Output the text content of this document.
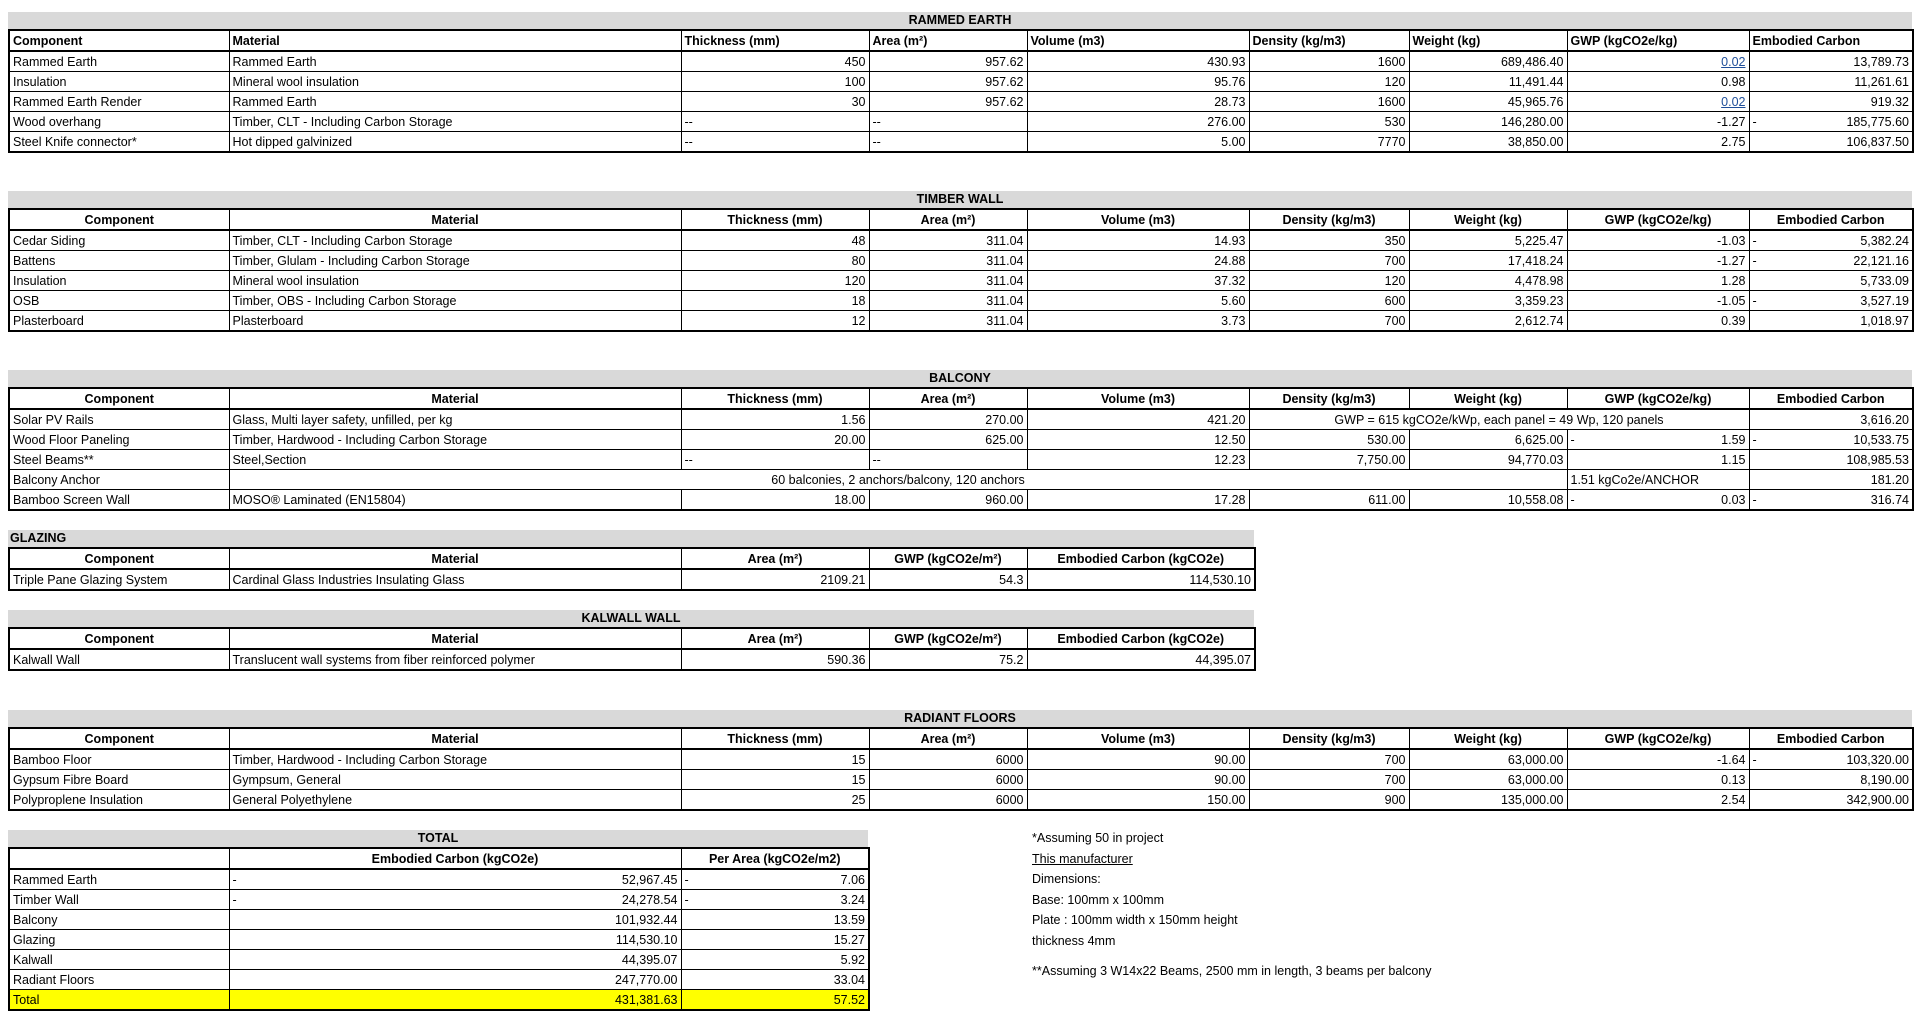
RAMMED EARTH
Component	Material	Thickness (mm)	Area (m²)	Volume (m3)	Density (kg/m3)	Weight (kg)	GWP (kgCO2e/kg)	Embodied Carbon
Rammed Earth	Rammed Earth	450	957.62	430.93	1600	689,486.40	0.02	13,789.73
Insulation	Mineral wool insulation	100	957.62	95.76	120	11,491.44	0.98	11,261.61
Rammed Earth Render	Rammed Earth	30	957.62	28.73	1600	45,965.76	0.02	919.32
Wood overhang	Timber, CLT - Including Carbon Storage	--	--	276.00	530	146,280.00	-1.27	- 185,775.60
Steel Knife connector*	Hot dipped galvinized	--	--	5.00	7770	38,850.00	2.75	106,837.50
TIMBER WALL
Component	Material	Thickness (mm)	Area (m²)	Volume (m3)	Density (kg/m3)	Weight (kg)	GWP (kgCO2e/kg)	Embodied Carbon
Cedar Siding	Timber, CLT - Including Carbon Storage	48	311.04	14.93	350	5,225.47	-1.03	- 5,382.24
Battens	Timber, Glulam - Including Carbon Storage	80	311.04	24.88	700	17,418.24	-1.27	- 22,121.16
Insulation	Mineral wool insulation	120	311.04	37.32	120	4,478.98	1.28	5,733.09
OSB	Timber, OBS - Including Carbon Storage	18	311.04	5.60	600	3,359.23	-1.05	- 3,527.19
Plasterboard	Plasterboard	12	311.04	3.73	700	2,612.74	0.39	1,018.97
BALCONY
Component	Material	Thickness (mm)	Area (m²)	Volume (m3)	Density (kg/m3)	Weight (kg)	GWP (kgCO2e/kg)	Embodied Carbon
Solar PV Rails	Glass, Multi layer safety, unfilled, per kg	1.56	270.00	421.20	GWP = 615 kgCO2e/kWp, each panel = 49 Wp, 120 panels			3,616.20
Wood Floor Paneling	Timber, Hardwood - Including Carbon Storage	20.00	625.00	12.50	530.00	6,625.00	- 1.59	- 10,533.75
Steel Beams**	Steel,Section	--	--	12.23	7,750.00	94,770.03	1.15	108,985.53
Balcony Anchor	60 balconies, 2 anchors/balcony, 120 anchors						1.51 kgCo2e/ANCHOR	181.20
Bamboo Screen Wall	MOSO® Laminated (EN15804)	18.00	960.00	17.28	611.00	10,558.08	- 0.03	- 316.74
GLAZING
Component	Material	Area (m²)	GWP (kgCO2e/m²)	Embodied Carbon (kgCO2e)
Triple Pane Glazing System	Cardinal Glass Industries Insulating Glass	2109.21	54.3	114,530.10
KALWALL WALL
Component	Material	Area (m²)	GWP (kgCO2e/m²)	Embodied Carbon (kgCO2e)
Kalwall Wall	Translucent wall systems from fiber reinforced polymer	590.36	75.2	44,395.07
RADIANT FLOORS
Component	Material	Thickness (mm)	Area (m²)	Volume (m3)	Density (kg/m3)	Weight (kg)	GWP (kgCO2e/kg)	Embodied Carbon
Bamboo Floor	Timber, Hardwood - Including Carbon Storage	15	6000	90.00	700	63,000.00	-1.64	- 103,320.00
Gypsum Fibre Board	Gympsum, General	15	6000	90.00	700	63,000.00	0.13	8,190.00
Polyproplene Insulation	General Polyethylene	25	6000	150.00	900	135,000.00	2.54	342,900.00
TOTAL
	Embodied Carbon (kgCO2e)	Per Area (kgCO2e/m2)
Rammed Earth	- 52,967.45	- 7.06
Timber Wall	- 24,278.54	- 3.24
Balcony	101,932.44	13.59
Glazing	114,530.10	15.27
Kalwall	44,395.07	5.92
Radiant Floors	247,770.00	33.04
Total	431,381.63	57.52
*Assuming 50 in project
This manufacturer
Dimensions:
Base: 100mm x 100mm
Plate : 100mm width x 150mm height
thickness 4mm
**Assuming 3 W14x22 Beams, 2500 mm in length, 3 beams per balcony
